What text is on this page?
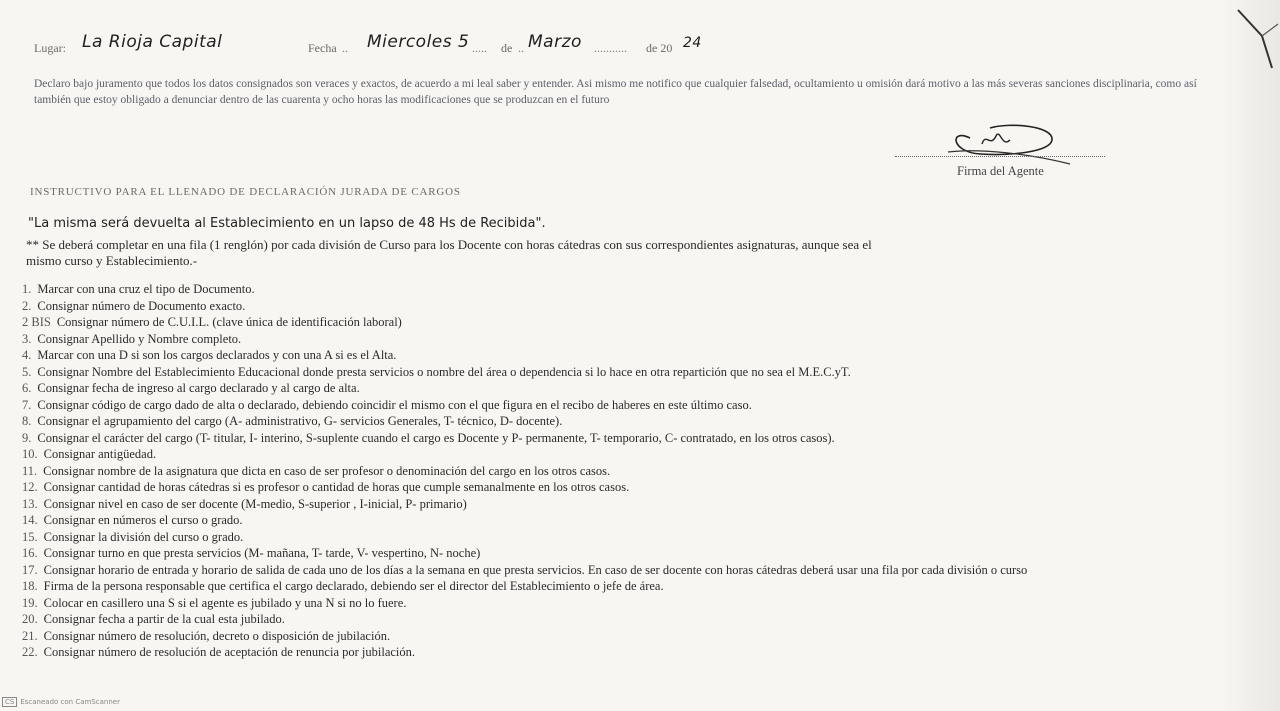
Lugar: La Rioja Capital	Fecha .. Miercoles 5 ..... de .. Marzo ........... de 20 24
Declaro bajo juramento que todos los datos consignados son veraces y exactos, de acuerdo a mi leal saber y entender. Asi mismo me notifico que cualquier falsedad, ocultamiento u omisión dará motivo a las más severas sanciones disciplinaria, como así también que estoy obligado a denunciar dentro de las cuarenta y ocho horas las modificaciones que se produzcan en el futuro
Firma del Agente
INSTRUCTIVO PARA EL LLENADO DE DECLARACIÓN JURADA DE CARGOS
"La misma será devuelta al Establecimiento en un lapso de 48 Hs de Recibida".
** Se deberá completar en una fila (1 renglón) por cada división de Curso para los Docente con horas cátedras con sus correspondientes asignaturas, aunque sea el mismo curso y Establecimiento.-
1. Marcar con una cruz el tipo de Documento.
2. Consignar número de Documento exacto.
2 BIS Consignar número de C.U.I.L. (clave única de identificación laboral)
3. Consignar Apellido y Nombre completo.
4. Marcar con una D si son los cargos declarados y con una A si es el Alta.
5. Consignar Nombre del Establecimiento Educacional donde presta servicios o nombre del área o dependencia si lo hace en otra repartición que no sea el M.E.C.yT.
6. Consignar fecha de ingreso al cargo declarado y al cargo de alta.
7. Consignar código de cargo dado de alta o declarado, debiendo coincidir el mismo con el que figura en el recibo de haberes en este último caso.
8. Consignar el agrupamiento del cargo (A- administrativo, G- servicios Generales, T- técnico, D- docente).
9. Consignar el carácter del cargo (T- titular, I- interino, S-suplente cuando el cargo es Docente y P- permanente, T- temporario, C- contratado, en los otros casos).
10. Consignar antigüedad.
11. Consignar nombre de la asignatura que dicta en caso de ser profesor o denominación del cargo en los otros casos.
12. Consignar cantidad de horas cátedras si es profesor o cantidad de horas que cumple semanalmente en los otros casos.
13. Consignar nivel en caso de ser docente (M-medio, S-superior , I-inicial, P- primario)
14. Consignar en números el curso o grado.
15. Consignar la división del curso o grado.
16. Consignar turno en que presta servicios (M- mañana, T- tarde, V- vespertino, N- noche)
17. Consignar horario de entrada y horario de salida de cada uno de los días a la semana en que presta servicios. En caso de ser docente con horas cátedras deberá usar una fila por cada división o curso
18. Firma de la persona responsable que certifica el cargo declarado, debiendo ser el director del Establecimiento o jefe de área.
19. Colocar en casillero una S si el agente es jubilado y una N si no lo fuere.
20. Consignar fecha a partir de la cual esta jubilado.
21. Consignar número de resolución, decreto o disposición de jubilación.
22. Consignar número de resolución de aceptación de renuncia por jubilación.
CS Escaneado con CamScanner
